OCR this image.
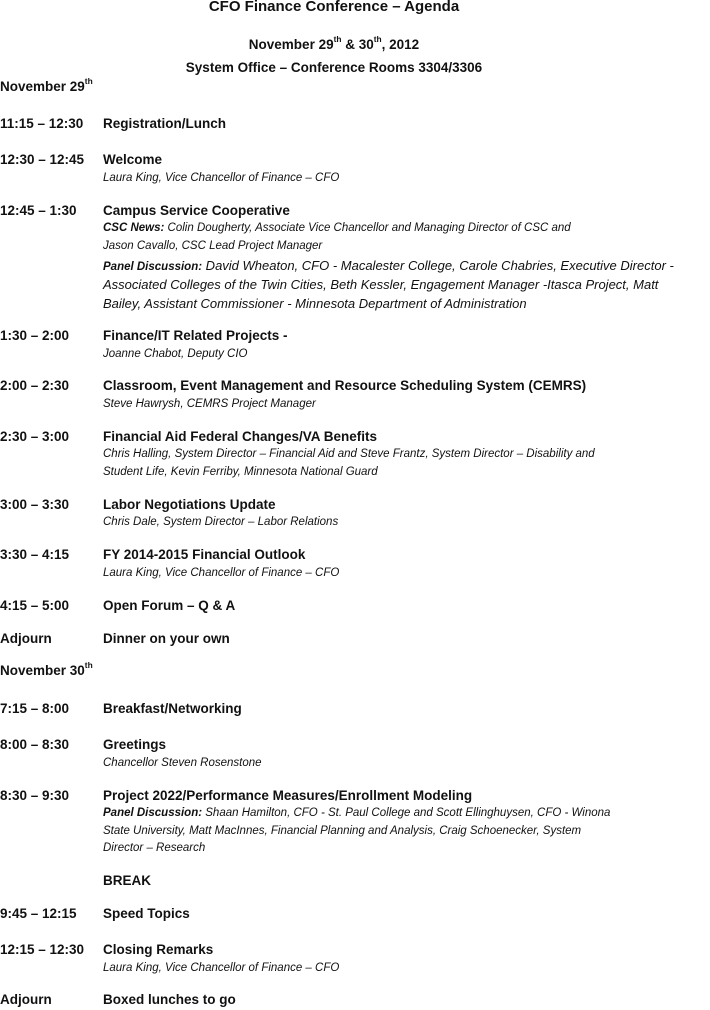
CFO Finance Conference – Agenda
November 29th & 30th, 2012
System Office – Conference Rooms 3304/3306
November 29th
11:15 – 12:30 Registration/Lunch
12:30 – 12:45 Welcome
Laura King, Vice Chancellor of Finance – CFO
12:45 – 1:30 Campus Service Cooperative
CSC News: Colin Dougherty, Associate Vice Chancellor and Managing Director of CSC and
Jason Cavallo, CSC Lead Project Manager
Panel Discussion: David Wheaton, CFO - Macalester College, Carole Chabries, Executive Director -
Associated Colleges of the Twin Cities, Beth Kessler, Engagement Manager -Itasca Project, Matt
Bailey, Assistant Commissioner - Minnesota Department of Administration
1:30 – 2:00	Finance/IT Related Projects -
Joanne Chabot, Deputy CIO
2:00 – 2:30	Classroom, Event Management and Resource Scheduling System (CEMRS)
Steve Hawrysh, CEMRS Project Manager
2:30 – 3:00	Financial Aid Federal Changes/VA Benefits
Chris Halling, System Director – Financial Aid and Steve Frantz, System Director – Disability and
Student Life, Kevin Ferriby, Minnesota National Guard
3:00 – 3:30	Labor Negotiations Update
Chris Dale, System Director – Labor Relations
3:30 – 4:15	FY 2014-2015 Financial Outlook
Laura King, Vice Chancellor of Finance – CFO
4:15 – 5:00	Open Forum – Q & A
Adjourn	Dinner on your own
November 30th
7:15 – 8:00	Breakfast/Networking
8:00 – 8:30	Greetings
Chancellor Steven Rosenstone
8:30 – 9:30	Project 2022/Performance Measures/Enrollment Modeling
Panel Discussion: Shaan Hamilton, CFO - St. Paul College and Scott Ellinghuysen, CFO - Winona
State University, Matt MacInnes, Financial Planning and Analysis, Craig Schoenecker, System
Director – Research
BREAK
9:45 – 12:15 Speed Topics
12:15 – 12:30 Closing Remarks
Laura King, Vice Chancellor of Finance – CFO
Adjourn	Boxed lunches to go
